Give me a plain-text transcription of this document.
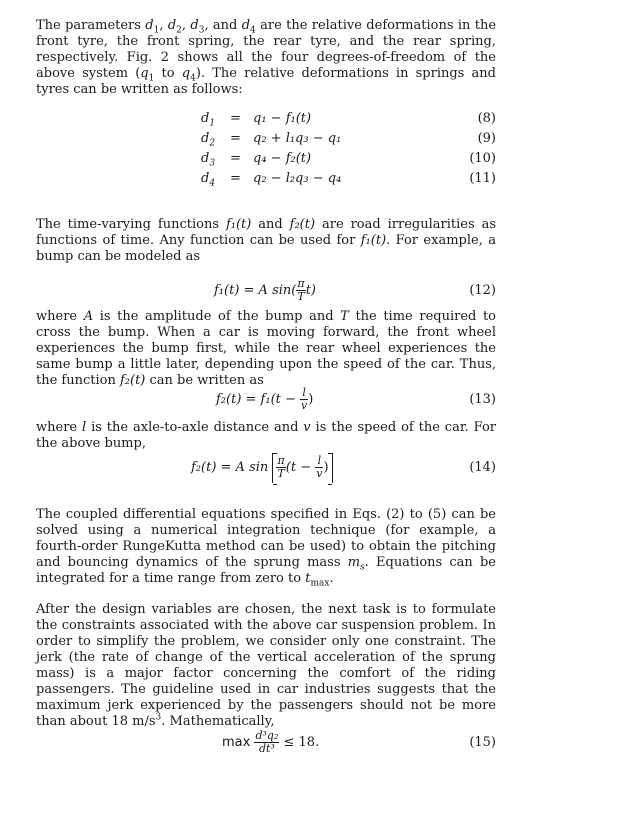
The parameters $d_1$, $d_2$, $d_3$, and $d_4$ are the relative deformations in the front tyre, the front spring, the rear tyre, and the rear spring, respectively. Fig. 2 shows all the four degrees-of-freedom of the above system ($q_1$ to $q_4$). The relative deformations in springs and tyres can be written as follows:

$d_1 = q_1 - f_1(t)$	(8)
$d_2 = q_2 + l_1q_3 - q_1$	(9)
$d_3 = q_4 - f_2(t)$	(10)
$d_4 = q_2 - l_2q_3 - q_4$	(11)

The time-varying functions f₁(t) and f₂(t) are road irregularities as functions of time. Any function can be used for f₁(t). For example, a bump can be modeled as

f₁(t) = A $\sin( \frac{\pi}{T} t)$	(12)

where A is the amplitude of the bump and T the time required to cross the bump. When a car is moving forward, the front wheel experiences the bump first, while the rear wheel experiences the same bump a little later, depending upon the speed of the car. Thus, the function f₂(t) can be written as

$f_2(t) = f_1(t - \frac{l}{v}$ )	(13)

where l is the axle-to-axle distance and v is the speed of the car. For the above bump,

f₂(t) = A $\sin \frac{\pi}{T} (t - \frac{l}{v}$ )	(14)

The coupled differential equations specified in Eqs. (2) to (5) can be solved using a numerical integration technique (for example, a fourth-order RungeKutta method can be used) to obtain the pitching and bouncing dynamics of the sprung mass $m_s$. Equations can be integrated for a time range from zero to $t_{max}$.

After the design variables are chosen, the next task is to formulate the constraints associated with the above car suspension problem. In order to simplify the problem, we consider only one constraint. The jerk (the rate of change of the vertical acceleration of the sprung mass) is a major factor concerning the comfort of the riding passengers. The guideline used in car industries suggests that the maximum jerk experienced by the passengers should not be more than about 18 $m/s^3$. Mathematically,

$\max \frac{\text{d³q₂}}{\text{dt³}} \le 18$.	(15)
